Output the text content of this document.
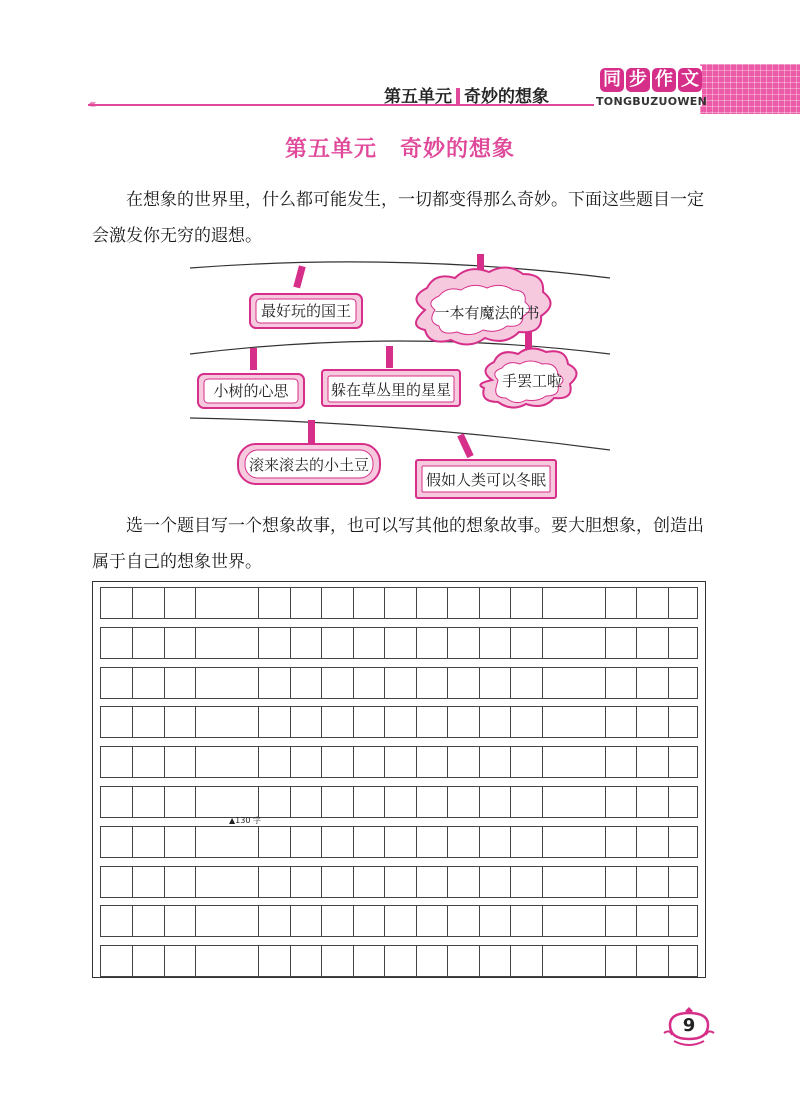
第五单元 奇妙的想象
同 步 作 文
TONGBUZUOWEN
第五单元　奇妙的想象
在想象的世界里，什么都可能发生，一切都变得那么奇妙。下面这些题目一定会激发你无穷的遐想。
最好玩的国王	一本有魔法的书
小树的心思	躲在草丛里的星星	手罢工啦
滚来滚去的小土豆
假如人类可以冬眠
选一个题目写一个想象故事，也可以写其他的想象故事。要大胆想象，创造出属于自己的想象世界。
▲130 字
9
